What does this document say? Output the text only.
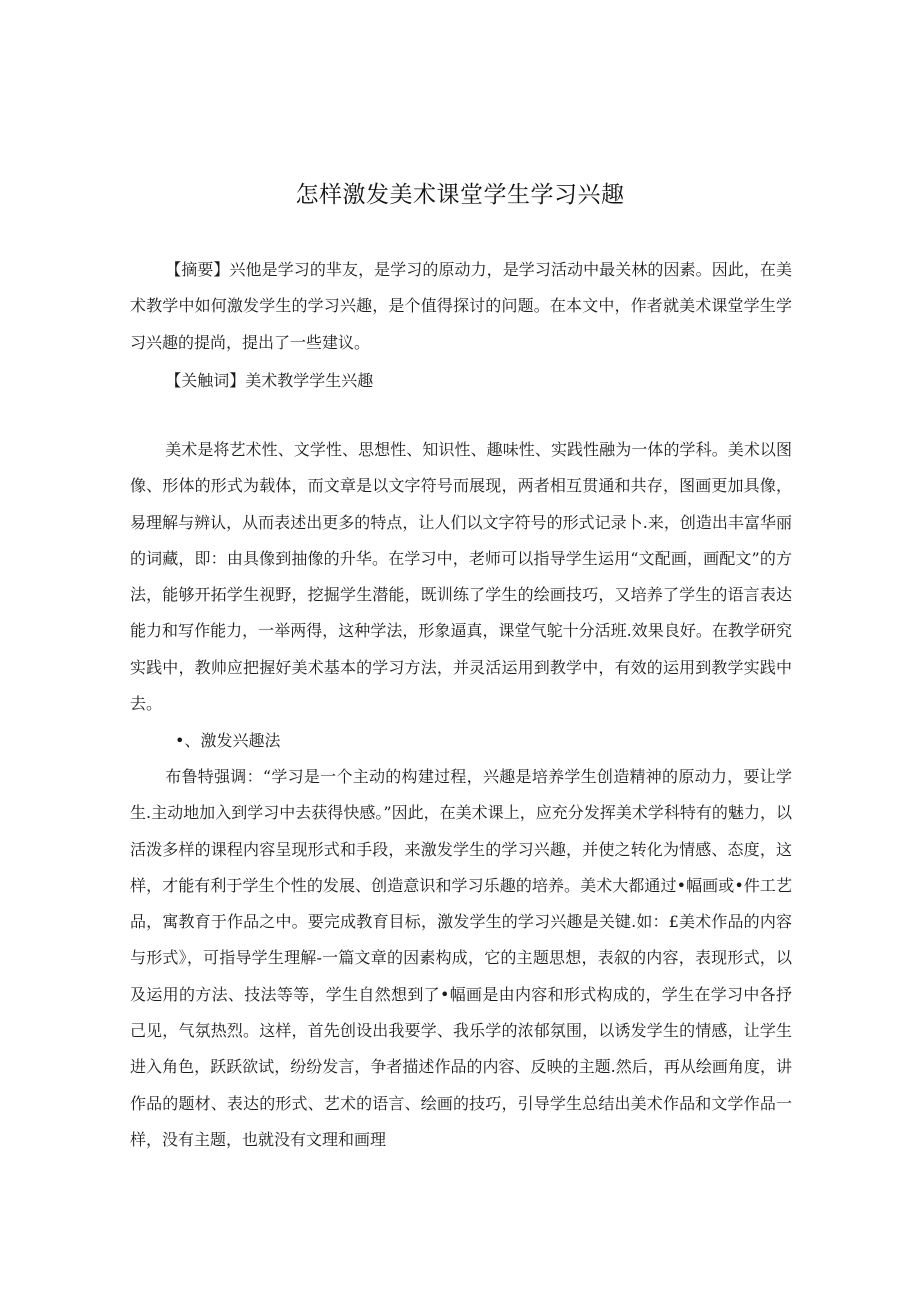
怎样激发美术课堂学生学习兴趣

【摘要】兴他是学习的芈友，是学习的原动力，是学习活动中最关林的因素。因此，在美术教学中如何激发学生的学习兴趣，是个值得探讨的问题。在本文中，作者就美术课堂学生学习兴趣的提尚，提出了一些建议。

【关触词】美术教学学生兴趣

美术是将艺术性、文学性、思想性、知识性、趣味性、实践性融为一体的学科。美术以图像、形体的形式为载体，而文章是以文字符号而展现，两者相互贯通和共存，图画更加具像，易理解与辨认，从而表述出更多的特点，让人们以文字符号的形式记录卜.来，创造出丰富华丽的词藏，即：由具像到抽像的升华。在学习中，老师可以指导学生运用“文配画，画配文”的方法，能够开拓学生视野，挖掘学生潜能，既训练了学生的绘画技巧，又培养了学生的语言表达能力和写作能力，一举两得，这种学法，形象逼真，课堂气鸵十分活班.效果良好。在教学研究实践中，教帅应把握好美术基本的学习方法，并灵活运用到教学中，有效的运用到教学实践中去。

•、激发兴趣法

布鲁特强调：“学习是一个主动的构建过程，兴趣是培养学生创造精神的原动力，要让学生.主动地加入到学习中去获得快感。”因此，在美术课上，应充分发挥美术学科特有的魅力，以活泼多样的课程内容呈现形式和手段，来激发学生的学习兴趣，并使之转化为情感、态度，这样，才能有利于学生个性的发展、创造意识和学习乐趣的培养。美术大都通过•幅画或•件工艺品，寓教育于作品之中。要完成教育目标，激发学生的学习兴趣是关键.如：£美术作品的内容与形式》，可指导学生理解-一篇文章的因素构成，它的主题思想，表叙的内容，表现形式，以及运用的方法、技法等等，学生自然想到了•幅画是由内容和形式构成的，学生在学习中各抒己见，气氛热烈。这样，首先创设出我要学、我乐学的浓郁氛围，以诱发学生的情感，让学生进入角色，跃跃欲试，纷纷发言，争者描述作品的内容、反映的主题.然后，再从绘画角度，讲作品的题材、表达的形式、艺术的语言、绘画的技巧，引导学生总结出美术作品和文学作品一样，没有主题，也就没有文理和画理
